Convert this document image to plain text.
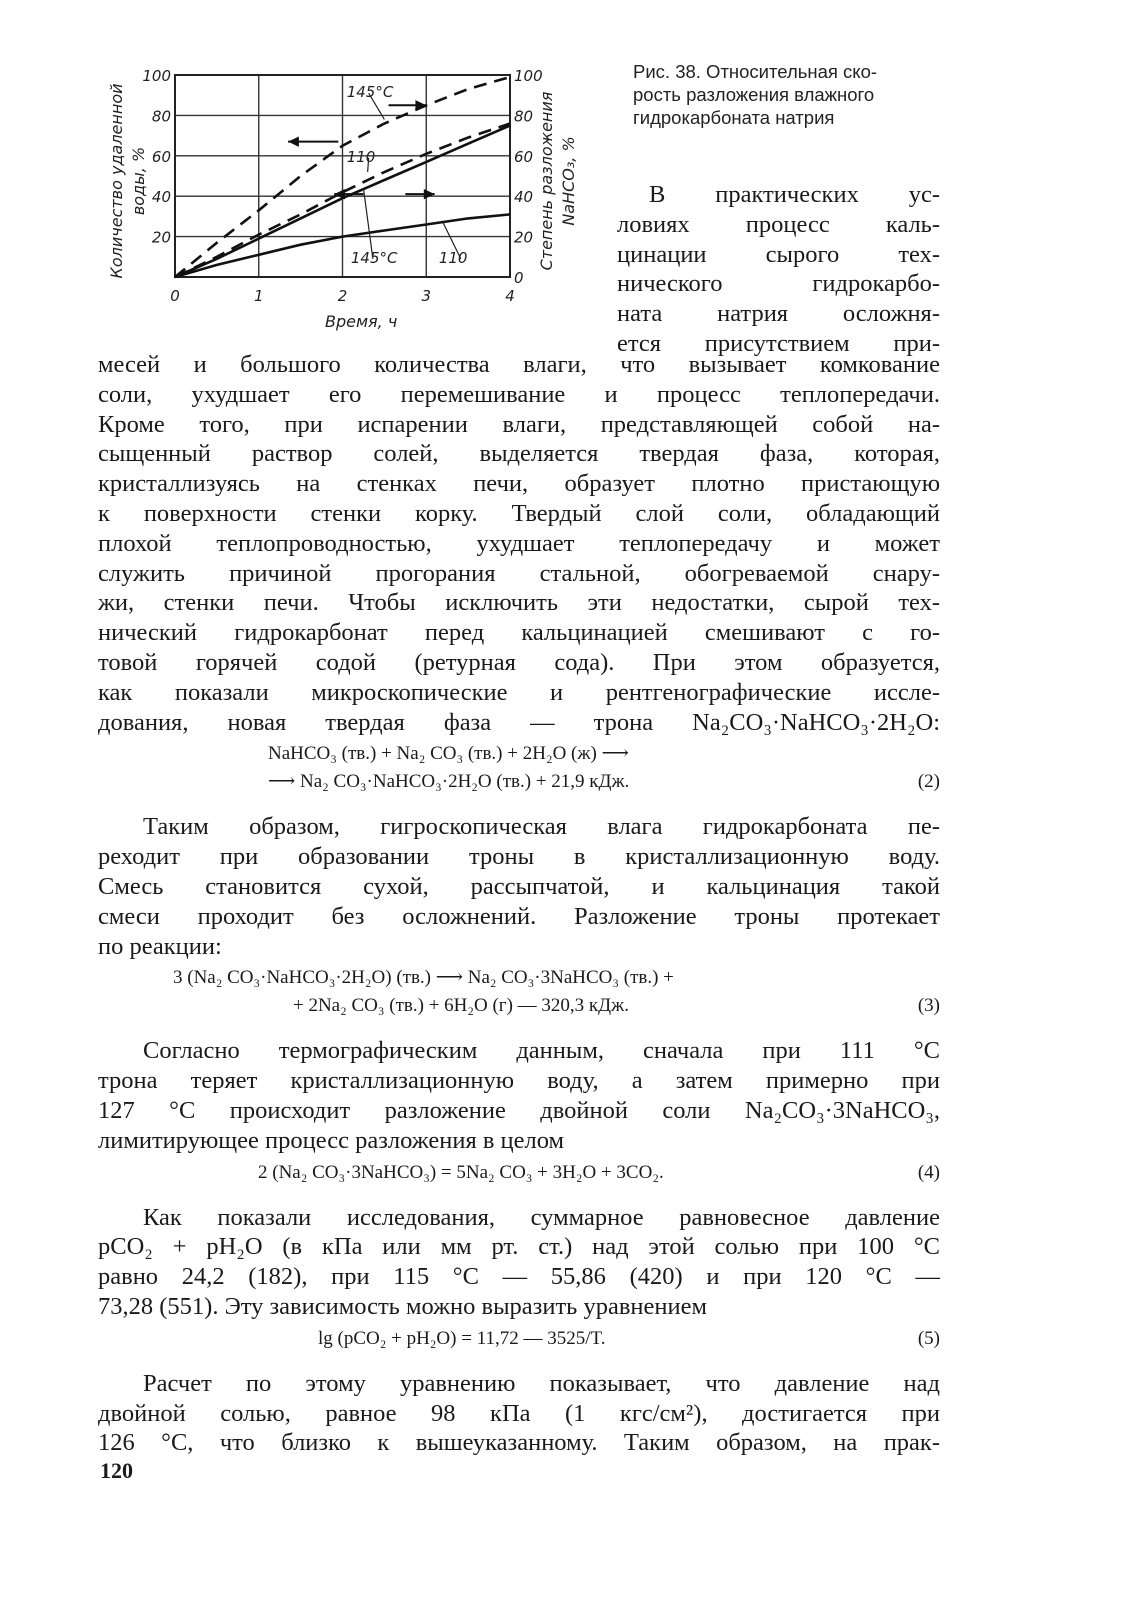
0	1	2	3	4
20
40
60
80
100
0
20
40
60
80
100
Время, ч
Количество удаленной воды, %	Степень разложения NaHCO₃, %
145°C
110
145°C	110
Рис. 38. Относительная ско-
рость разложения влажного
гидрокарбоната натрия
В практических ус-
ловиях процесс каль-
цинации сырого тех-
нического гидрокарбо-
ната натрия осложня-
ется присутствием при-
месей и большого количества влаги, что вызывает комкование
соли, ухудшает его перемешивание и процесс теплопередачи.
Кроме того, при испарении влаги, представляющей собой на-
сыщенный раствор солей, выделяется твердая фаза, которая,
кристаллизуясь на стенках печи, образует плотно пристающую
к поверхности стенки корку. Твердый слой соли, обладающий
плохой теплопроводностью, ухудшает теплопередачу и может
служить причиной прогорания стальной, обогреваемой снару-
жи, стенки печи. Чтобы исключить эти недостатки, сырой тех-
нический гидрокарбонат перед кальцинацией смешивают с го-
товой горячей содой (ретурная сода). При этом образуется,
как показали микроскопические и рентгенографические иссле-
дования, новая твердая фаза — трона Na₂CO₃·NaHCO₃·2H₂O:
NaHCO₃ (тв.) + Na₂ CO₃ (тв.) + 2H₂O (ж) ⟶
⟶ Na₂ CO₃·NaHCO₃·2H₂O (тв.) + 21,9 кДж.	(2)
Таким образом, гигроскопическая влага гидрокарбоната пе-
реходит при образовании троны в кристаллизационную воду.
Смесь становится сухой, рассыпчатой, и кальцинация такой
смеси проходит без осложнений. Разложение троны протекает
по реакции:
3 (Na₂ CO₃·NaHCO₃·2H₂O) (тв.) ⟶ Na₂ CO₃·3NaHCO₃ (тв.) +
+ 2Na₂ CO₃ (тв.) + 6H₂O (г) — 320,3 кДж.	(3)
Согласно термографическим данным, сначала при 111 °С
трона теряет кристаллизационную воду, а затем примерно при
127 °С происходит разложение двойной соли Na₂CO₃·3NaHCO₃,
лимитирующее процесс разложения в целом
2 (Na₂ CO₃·3NaHCO₃) = 5Na₂ CO₃ + 3H₂O + 3CO₂.	(4)
Как показали исследования, суммарное равновесное давление
pCO₂ + pH₂O (в кПа или мм рт. ст.) над этой солью при 100 °С
равно 24,2 (182), при 115 °С — 55,86 (420) и при 120 °С —
73,28 (551). Эту зависимость можно выразить уравнением
lg (pCO₂ + pH₂O) = 11,72 — 3525/T.	(5)
Расчет по этому уравнению показывает, что давление над
двойной солью, равное 98 кПа (1 кгс/см²), достигается при
126 °С, что близко к вышеуказанному. Таким образом, на прак-
120
